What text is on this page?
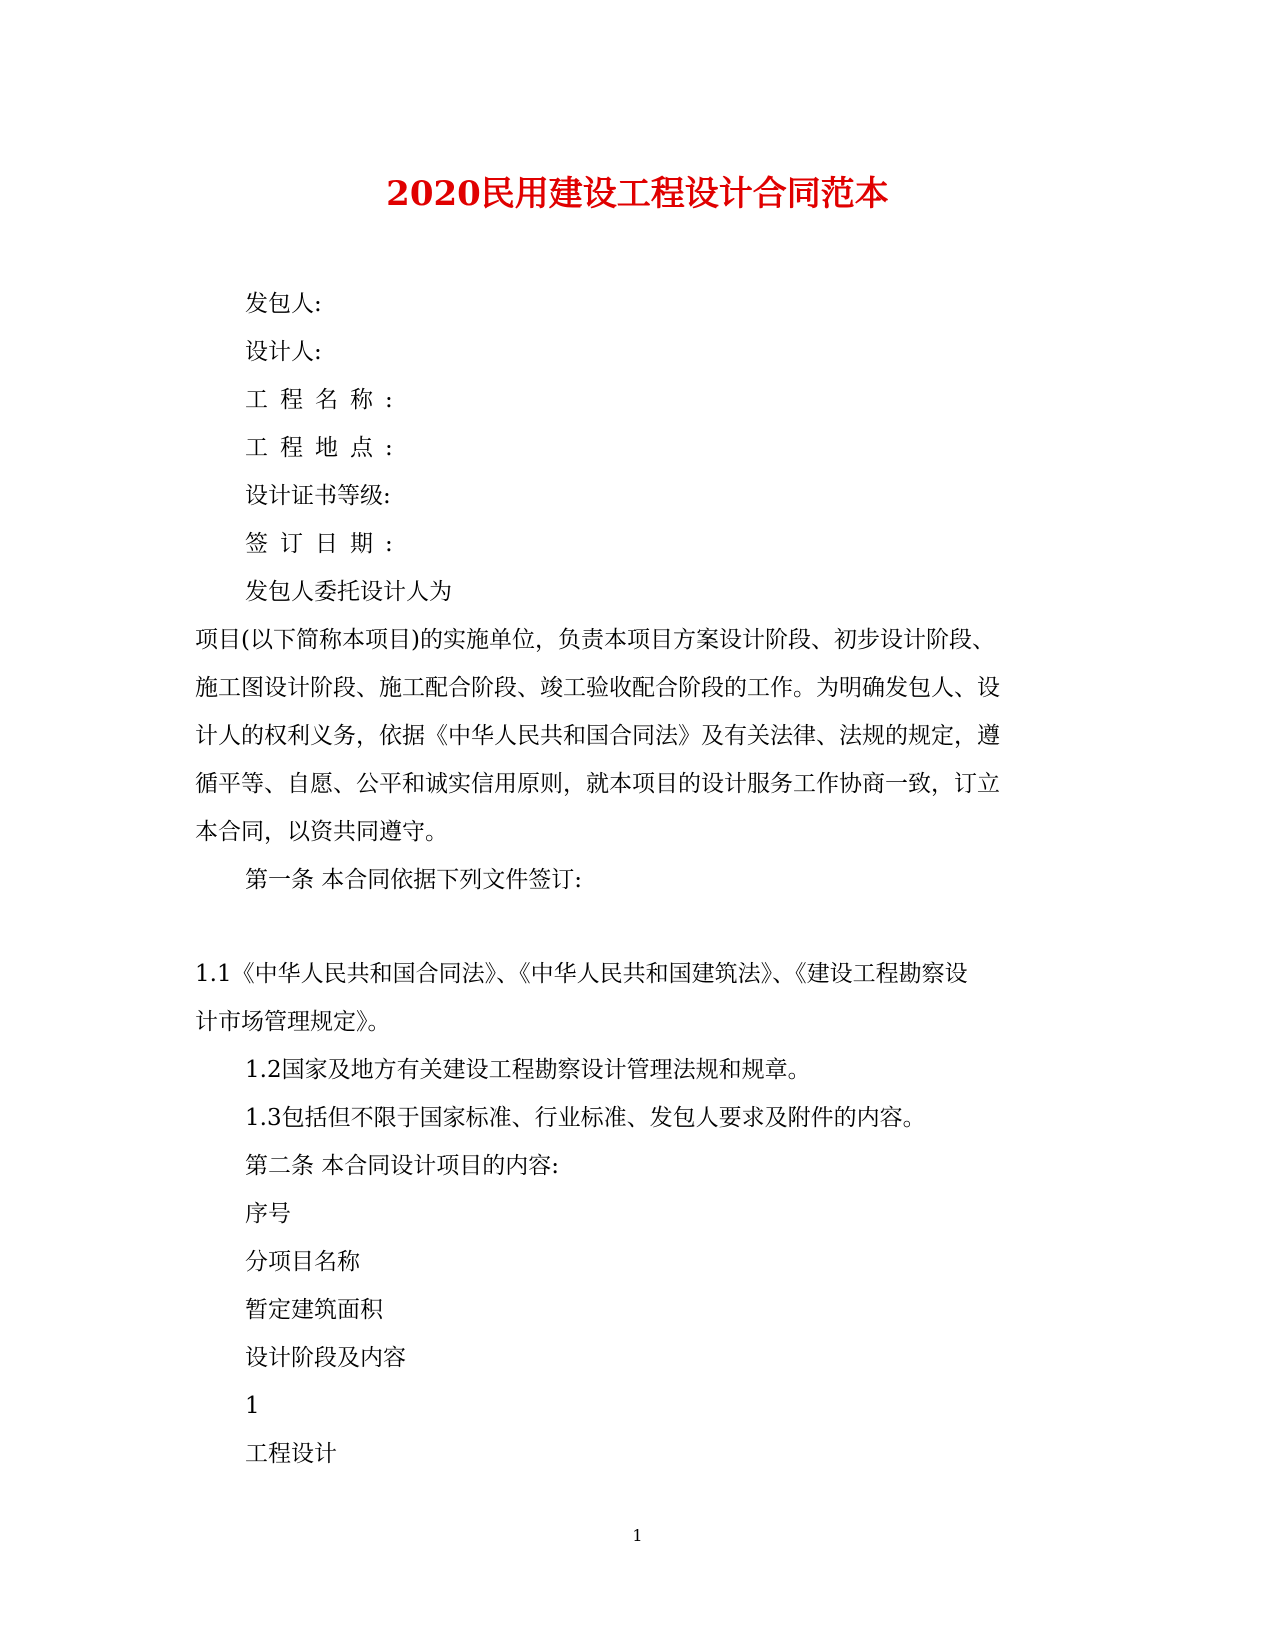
2020民用建设工程设计合同范本

发包人:

设计人:

工程名称:

工程地点:

设计证书等级:

签订日期:

发包人委托设计人为

项目(以下简称本项目)的实施单位，负责本项目方案设计阶段、初步设计阶段、

施工图设计阶段、施工配合阶段、竣工验收配合阶段的工作。为明确发包人、设

计人的权利义务，依据《中华人民共和国合同法》及有关法律、法规的规定，遵

循平等、自愿、公平和诚实信用原则，就本项目的设计服务工作协商一致，订立

本合同，以资共同遵守。

第一条 本合同依据下列文件签订:

1.1《中华人民共和国合同法》、《中华人民共和国建筑法》、《建设工程勘察设

计市场管理规定》。

1.2国家及地方有关建设工程勘察设计管理法规和规章。

1.3包括但不限于国家标准、行业标准、发包人要求及附件的内容。

第二条 本合同设计项目的内容:

序号

分项目名称

暂定建筑面积

设计阶段及内容

1

工程设计

1
